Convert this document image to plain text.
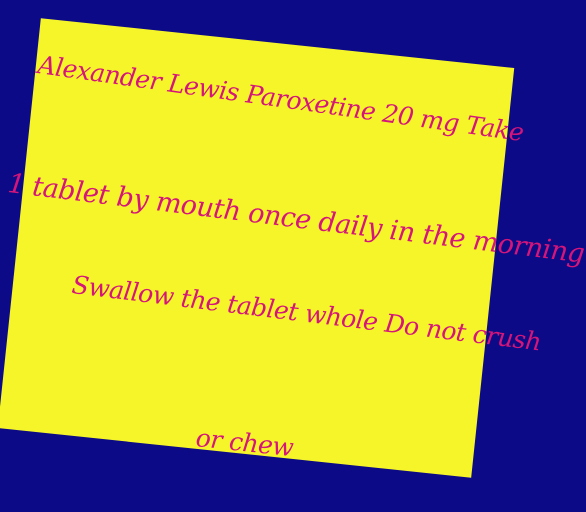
Alexander Lewis Paroxetine 20 mg Take
1 tablet by mouth once daily in the morning
Swallow the tablet whole Do not crush
or chew
